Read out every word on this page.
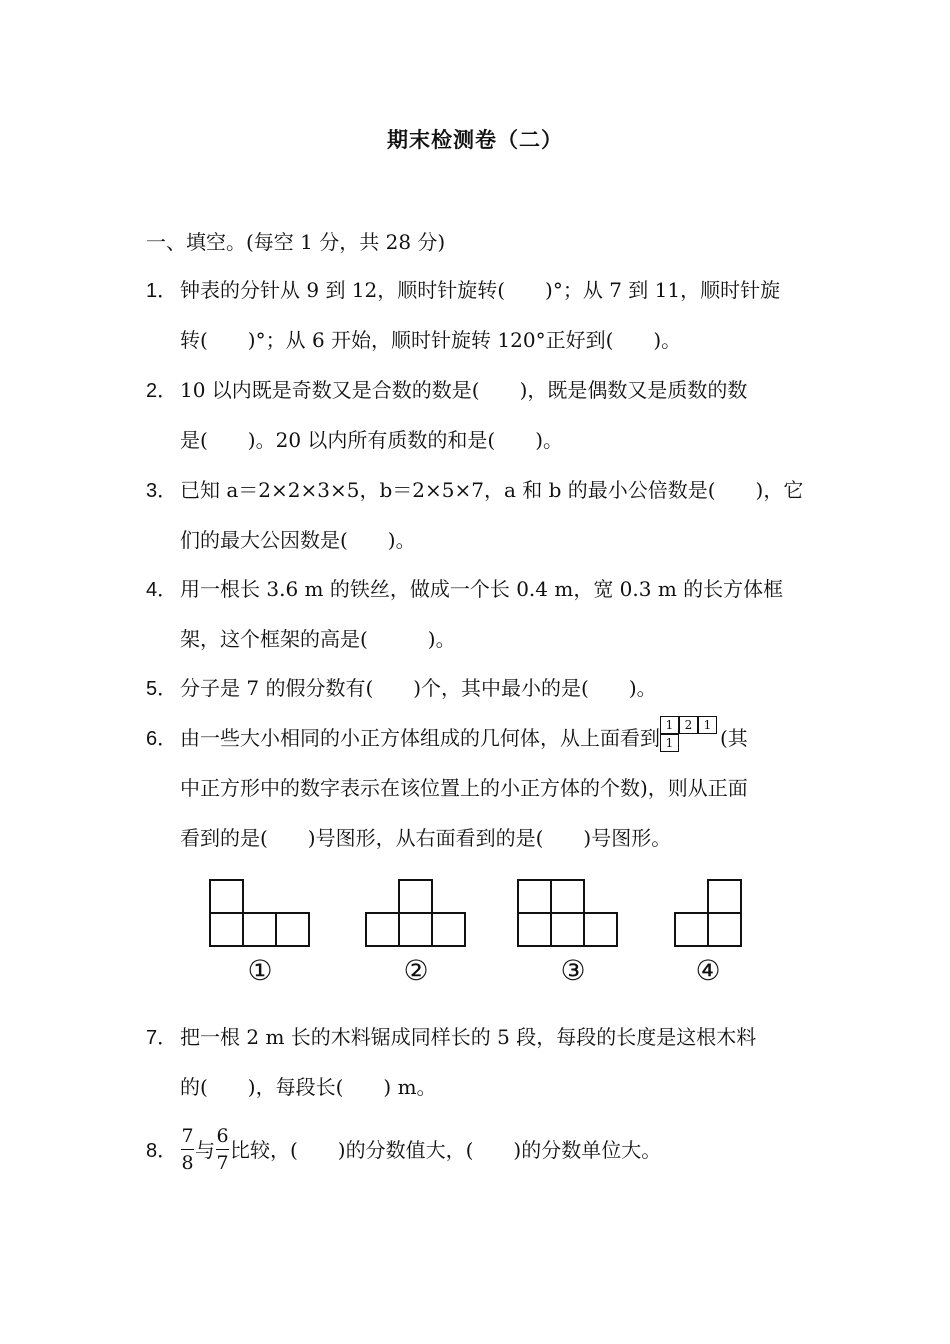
期末检测卷（二）
一、填空。(每空 1 分，共 28 分)
1． 钟表的分针从 9 到 12，顺时针旋转(　　)°；从 7 到 11，顺时针旋
转(　　)°；从 6 开始，顺时针旋转 120°正好到(　　)。
2． 10 以内既是奇数又是合数的数是(　　)，既是偶数又是质数的数
是(　　)。20 以内所有质数的和是(　　)。
3． 已知 a＝2×2×3×5，b＝2×5×7，a 和 b 的最小公倍数是(　　)，它
们的最大公因数是(　　)。
4． 用一根长 3.6 m 的铁丝，做成一个长 0.4 m，宽 0.3 m 的长方体框
架，这个框架的高是(　　　)。
5． 分子是 7 的假分数有(　　)个，其中最小的是(　　)。
6． 由一些大小相同的小正方体组成的几何体，从上面看到
1 2 1
1 (其
中正方形中的数字表示在该位置上的小正方体的个数)，则从正面
看到的是(　　)号图形，从右面看到的是(　　)号图形。
①	②	③	④
7． 把一根 2 m 长的木料锯成同样长的 5 段，每段的长度是这根木料
的(　　)，每段长(　　) m。
8． $\frac{7}{8}$ 与 $\frac{6}{7}$ 比较，(　　)的分数值大，(　　)的分数单位大。
